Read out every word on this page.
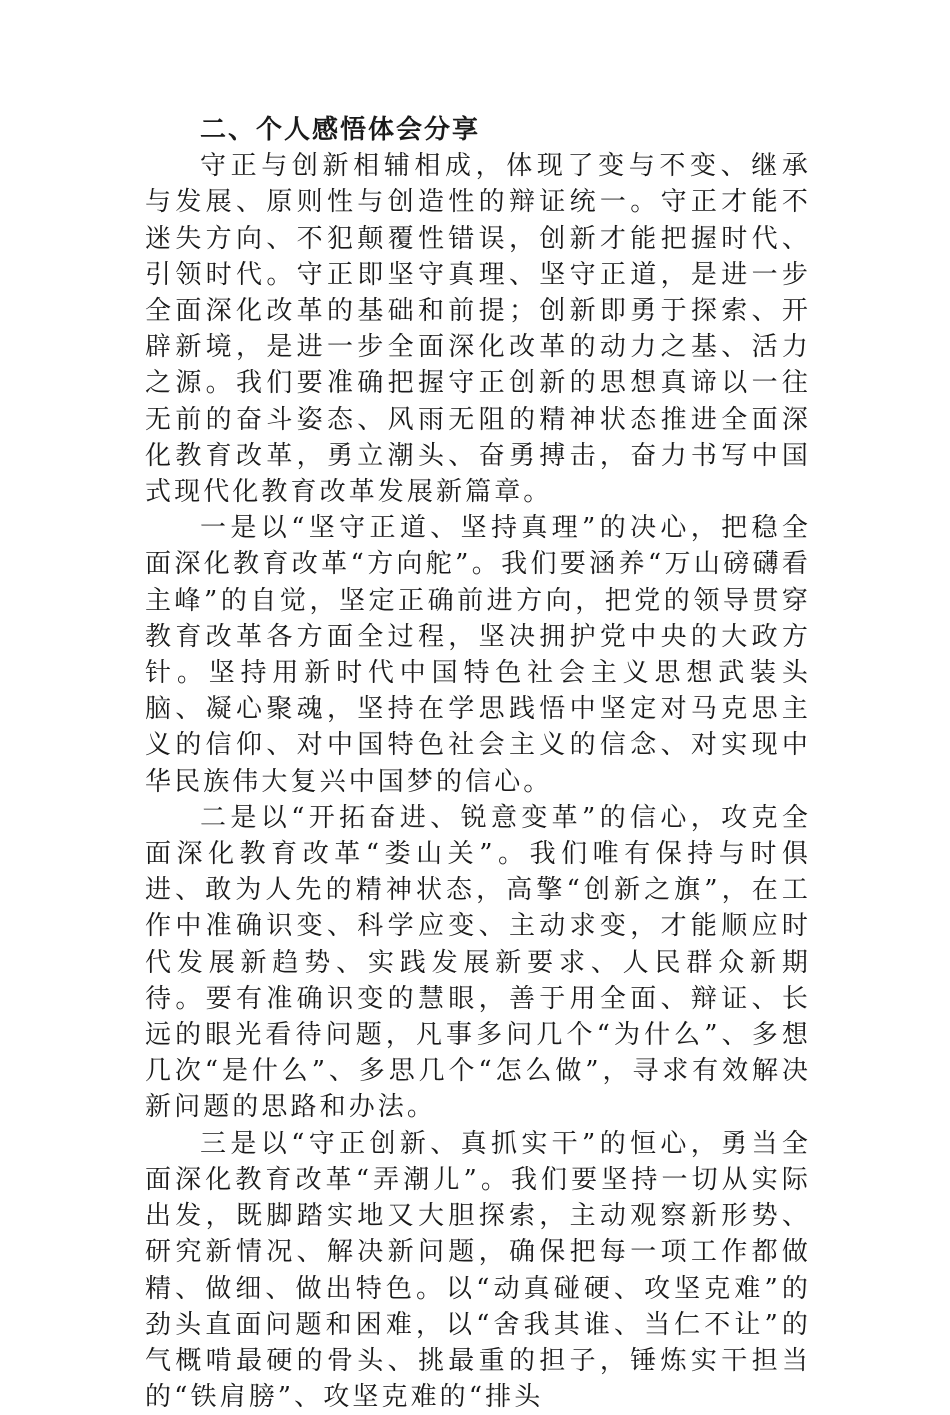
二、个人感悟体会分享

守正与创新相辅相成，体现了变与不变、继承与发展、原则性与创造性的辩证统一。守正才能不迷失方向、不犯颠覆性错误，创新才能把握时代、引领时代。守正即坚守真理、坚守正道，是进一步全面深化改革的基础和前提；创新即勇于探索、开辟新境，是进一步全面深化改革的动力之基、活力之源。我们要准确把握守正创新的思想真谛以一往无前的奋斗姿态、风雨无阻的精神状态推进全面深化教育改革，勇立潮头、奋勇搏击，奋力书写中国式现代化教育改革发展新篇章。

一是以“坚守正道、坚持真理”的决心，把稳全面深化教育改革“方向舵”。我们要涵养“万山磅礴看主峰”的自觉，坚定正确前进方向，把党的领导贯穿教育改革各方面全过程，坚决拥护党中央的大政方针。坚持用新时代中国特色社会主义思想武装头脑、凝心聚魂，坚持在学思践悟中坚定对马克思主义的信仰、对中国特色社会主义的信念、对实现中华民族伟大复兴中国梦的信心。

二是以“开拓奋进、锐意变革”的信心，攻克全面深化教育改革“娄山关”。我们唯有保持与时俱进、敢为人先的精神状态，高擎“创新之旗”，在工作中准确识变、科学应变、主动求变，才能顺应时代发展新趋势、实践发展新要求、人民群众新期待。要有准确识变的慧眼，善于用全面、辩证、长远的眼光看待问题，凡事多问几个“为什么”、多想几次“是什么”、多思几个“怎么做”，寻求有效解决新问题的思路和办法。

三是以“守正创新、真抓实干”的恒心，勇当全面深化教育改革“弄潮儿”。我们要坚持一切从实际出发，既脚踏实地又大胆探索，主动观察新形势、研究新情况、解决新问题，确保把每一项工作都做精、做细、做出特色。以“动真碰硬、攻坚克难”的劲头直面问题和困难，以“舍我其谁、当仁不让”的气概啃最硬的骨头、挑最重的担子，锤炼实干担当的“铁肩膀”、攻坚克难的“排头
